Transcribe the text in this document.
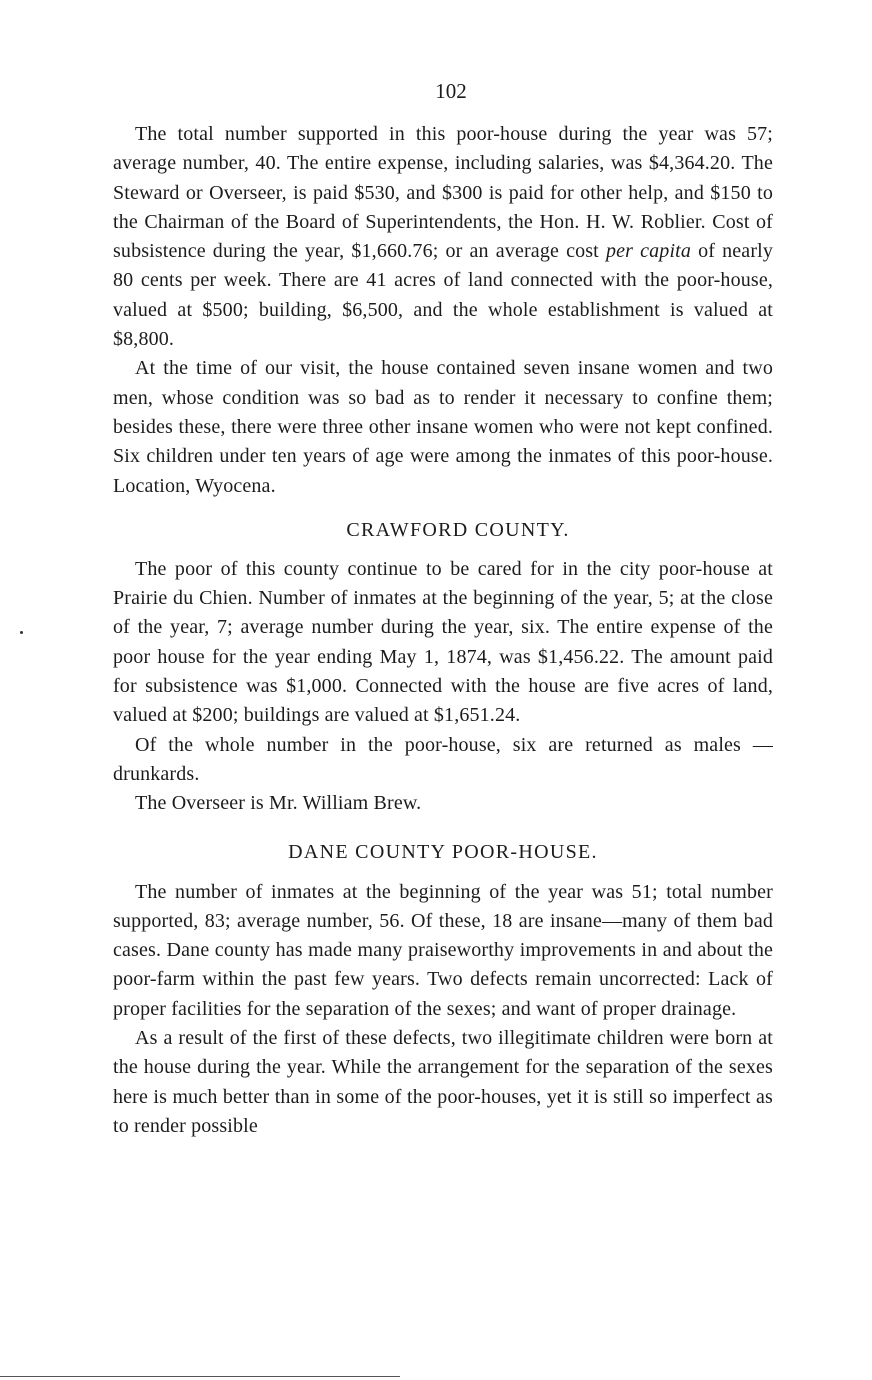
102

The total number supported in this poor-house during the year was 57; average number, 40. The entire expense, including salaries, was $4,364.20. The Steward or Overseer, is paid $530, and $300 is paid for other help, and $150 to the Chairman of the Board of Superintendents, the Hon. H. W. Roblier. Cost of subsistence during the year, $1,660.76; or an average cost per capita of nearly 80 cents per week. There are 41 acres of land connected with the poor-house, valued at $500; building, $6,500, and the whole establishment is valued at $8,800.

At the time of our visit, the house contained seven insane women and two men, whose condition was so bad as to render it necessary to confine them; besides these, there were three other insane women who were not kept confined. Six children under ten years of age were among the inmates of this poor-house. Location, Wyocena.

CRAWFORD COUNTY.

The poor of this county continue to be cared for in the city poor-house at Prairie du Chien. Number of inmates at the beginning of the year, 5; at the close of the year, 7; average number during the year, six. The entire expense of the poor house for the year ending May 1, 1874, was $1,456.22. The amount paid for subsistence was $1,000. Connected with the house are five acres of land, valued at $200; buildings are valued at $1,651.24.

Of the whole number in the poor-house, six are returned as males —drunkards.

The Overseer is Mr. William Brew.

DANE COUNTY POOR-HOUSE.

The number of inmates at the beginning of the year was 51; total number supported, 83; average number, 56. Of these, 18 are insane—many of them bad cases. Dane county has made many praiseworthy improvements in and about the poor-farm within the past few years. Two defects remain uncorrected: Lack of proper facilities for the separation of the sexes; and want of proper drainage.

As a result of the first of these defects, two illegitimate children were born at the house during the year. While the arrangement for the separation of the sexes here is much better than in some of the poor-houses, yet it is still so imperfect as to render possible
